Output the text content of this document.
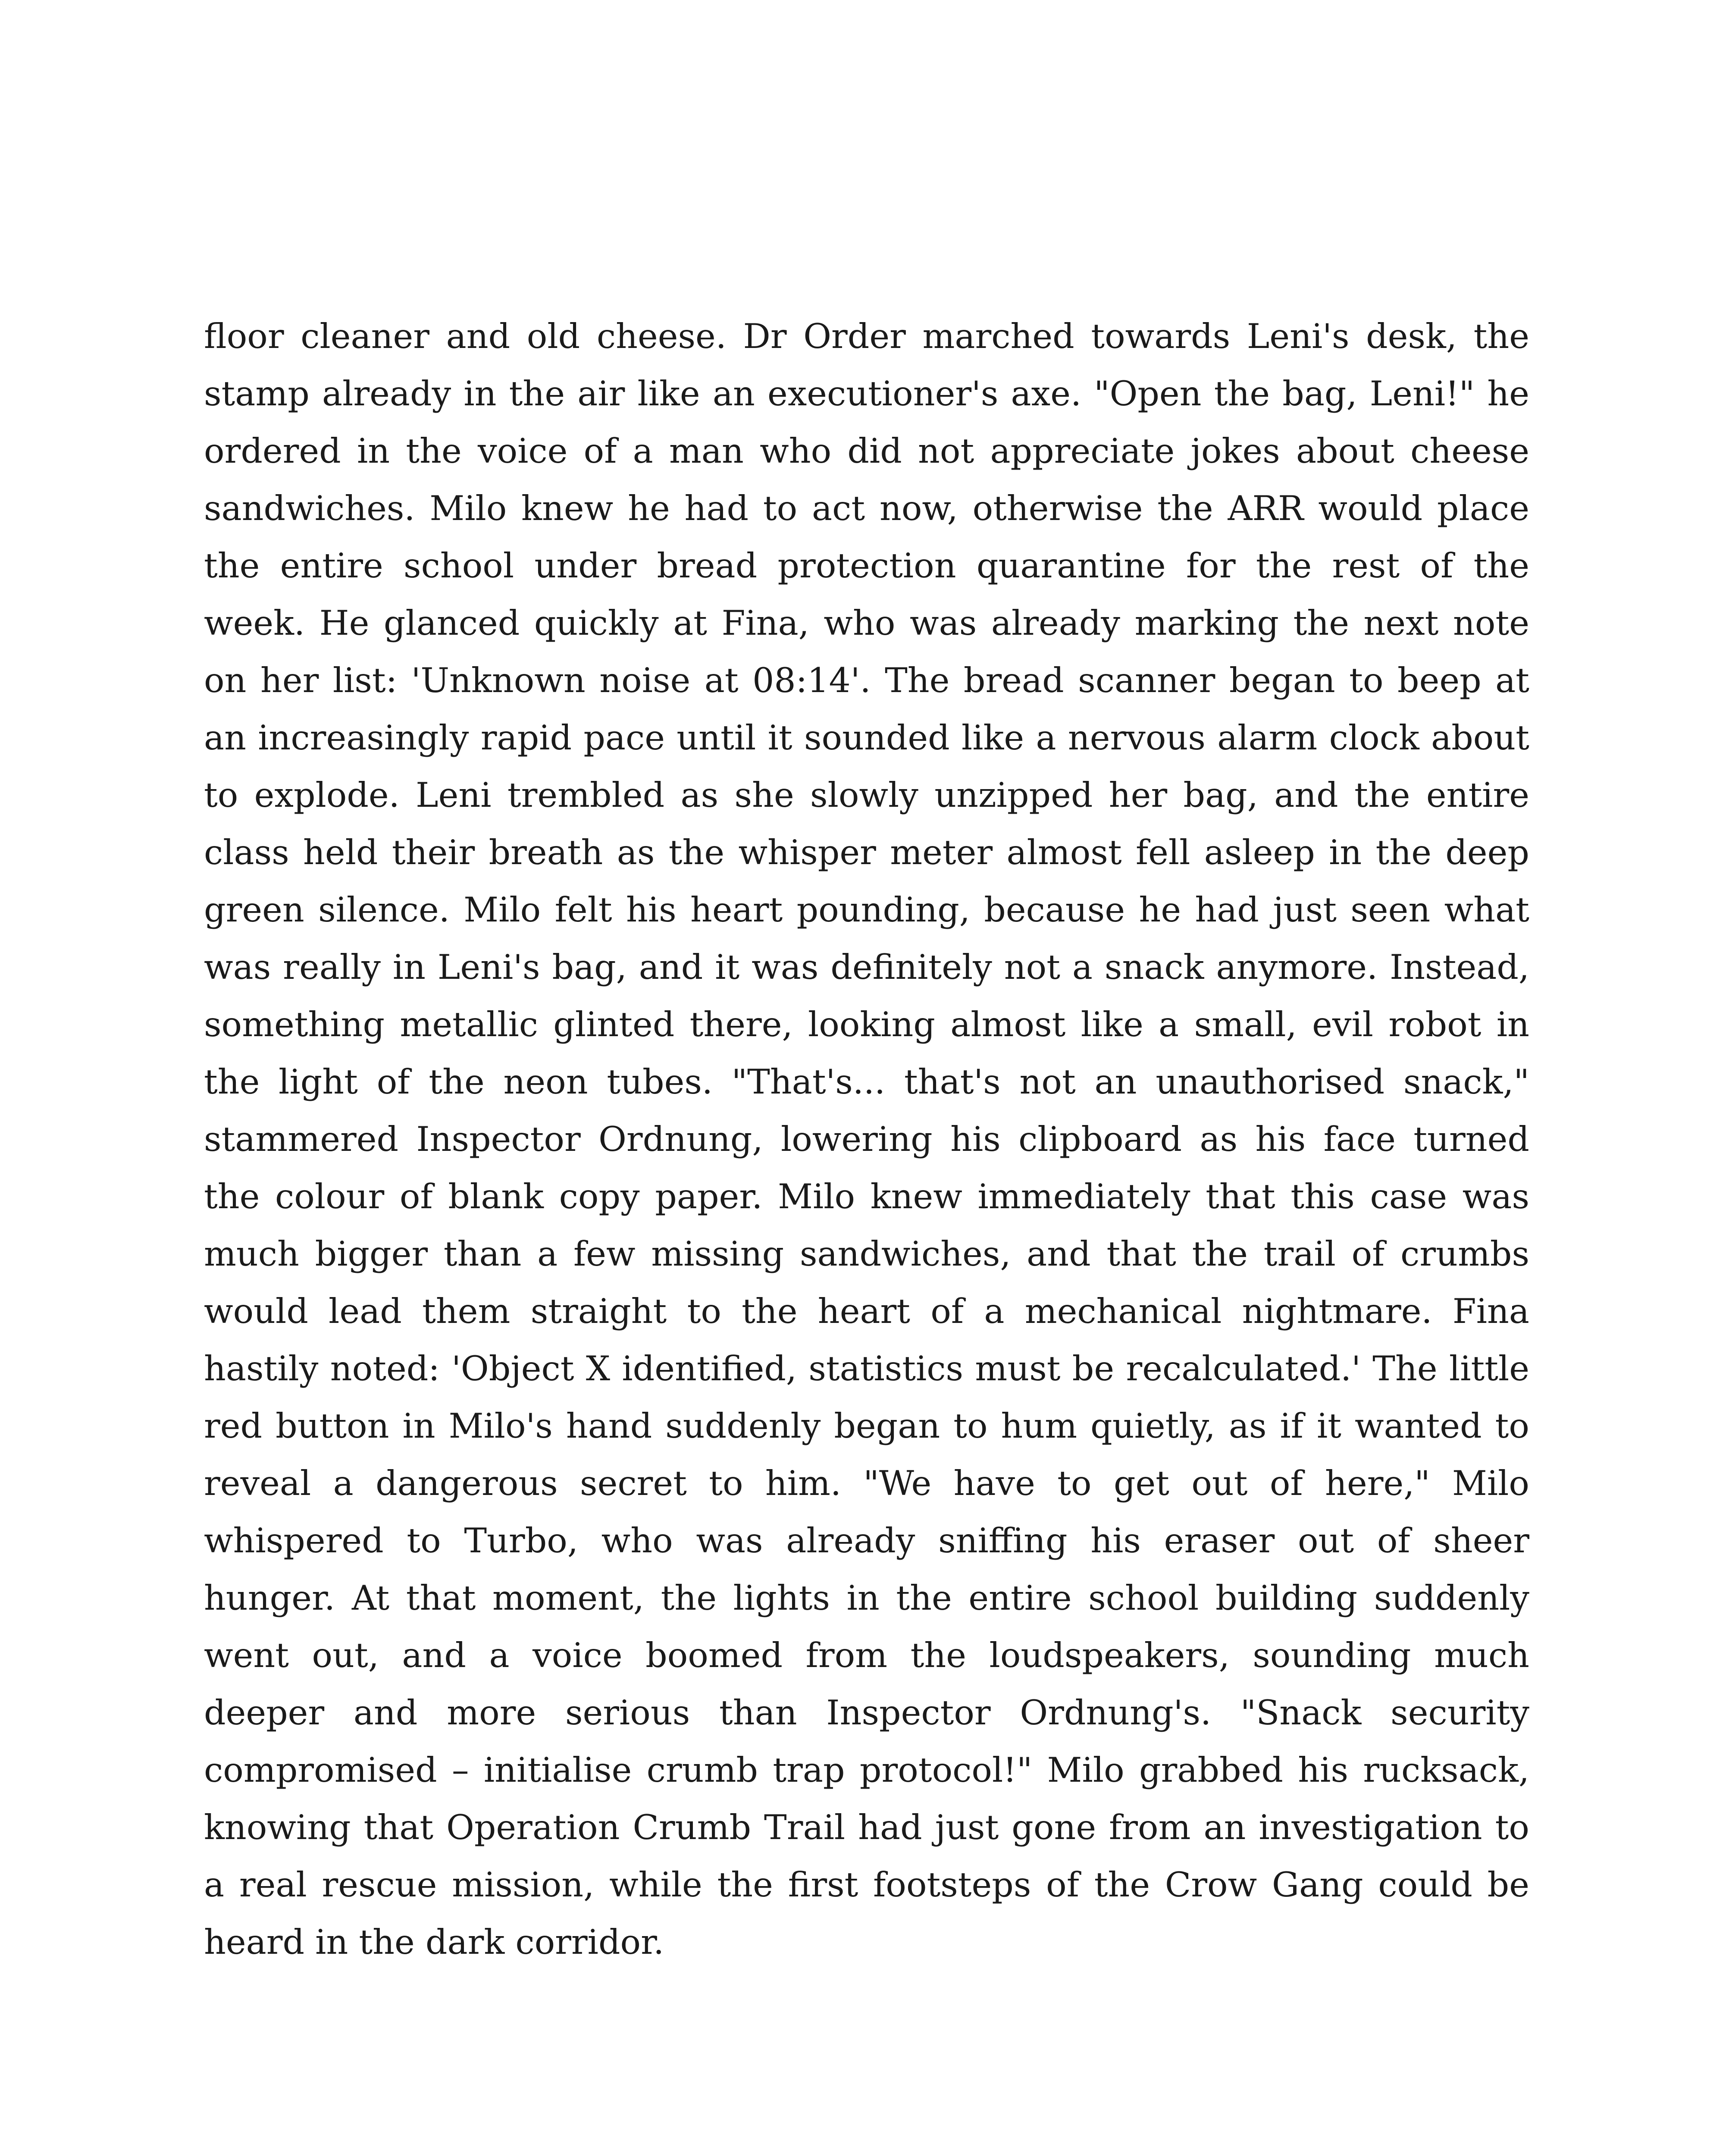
floor cleaner and old cheese. Dr Order marched towards Leni's desk, the stamp already in the air like an executioner's axe. "Open the bag, Leni!" he ordered in the voice of a man who did not appreciate jokes about cheese sandwiches. Milo knew he had to act now, otherwise the ARR would place the entire school under bread protection quarantine for the rest of the week. He glanced quickly at Fina, who was already marking the next note on her list: 'Unknown noise at 08:14'. The bread scanner began to beep at an increasingly rapid pace until it sounded like a nervous alarm clock about to explode. Leni trembled as she slowly unzipped her bag, and the entire class held their breath as the whisper meter almost fell asleep in the deep green silence. Milo felt his heart pounding, because he had just seen what was really in Leni's bag, and it was definitely not a snack anymore. Instead, something metallic glinted there, looking almost like a small, evil robot in the light of the neon tubes. "That's... that's not an unauthorised snack," stammered Inspector Ordnung, lowering his clipboard as his face turned the colour of blank copy paper. Milo knew immediately that this case was much bigger than a few missing sandwiches, and that the trail of crumbs would lead them straight to the heart of a mechanical nightmare. Fina hastily noted: 'Object X identified, statistics must be recalculated.' The little red button in Milo's hand suddenly began to hum quietly, as if it wanted to reveal a dangerous secret to him. "We have to get out of here," Milo whispered to Turbo, who was already sniffing his eraser out of sheer hunger. At that moment, the lights in the entire school building suddenly went out, and a voice boomed from the loudspeakers, sounding much deeper and more serious than Inspector Ordnung's. "Snack security compromised – initialise crumb trap protocol!" Milo grabbed his rucksack, knowing that Operation Crumb Trail had just gone from an investigation to a real rescue mission, while the first footsteps of the Crow Gang could be heard in the dark corridor.
